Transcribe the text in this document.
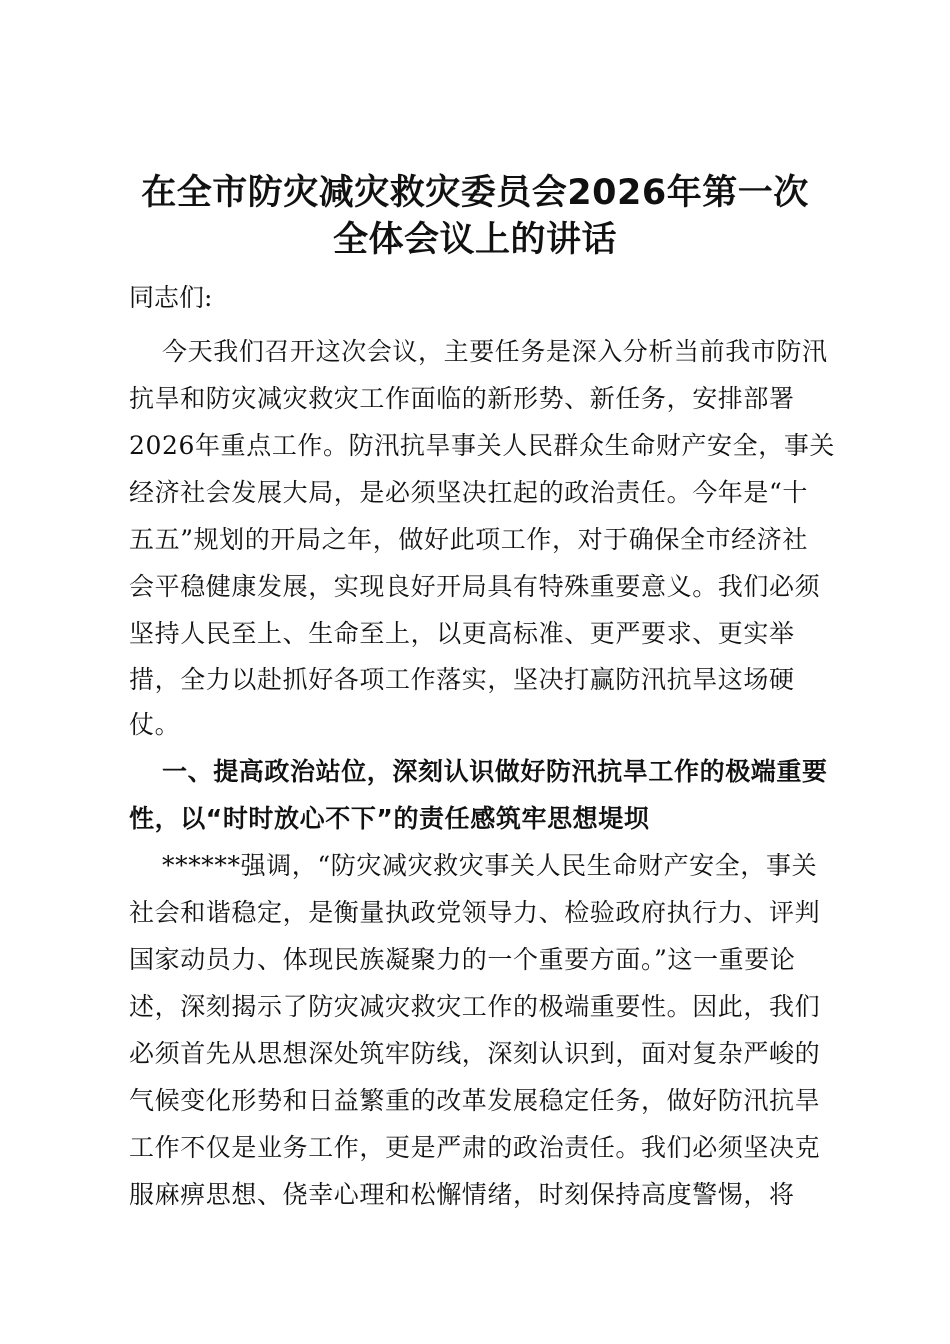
在全市防灾减灾救灾委员会2026年第一次
全体会议上的讲话

同志们:

今天我们召开这次会议，主要任务是深入分析当前我市防汛

抗旱和防灾减灾救灾工作面临的新形势、新任务，安排部署

2026年重点工作。防汛抗旱事关人民群众生命财产安全，事关

经济社会发展大局，是必须坚决扛起的政治责任。今年是“十

五五”规划的开局之年，做好此项工作，对于确保全市经济社

会平稳健康发展，实现良好开局具有特殊重要意义。我们必须

坚持人民至上、生命至上，以更高标准、更严要求、更实举

措，全力以赴抓好各项工作落实，坚决打赢防汛抗旱这场硬

仗。

一、提高政治站位，深刻认识做好防汛抗旱工作的极端重要

性，以“时时放心不下”的责任感筑牢思想堤坝

******强调，“防灾减灾救灾事关人民生命财产安全，事关

社会和谐稳定，是衡量执政党领导力、检验政府执行力、评判

国家动员力、体现民族凝聚力的一个重要方面。”这一重要论

述，深刻揭示了防灾减灾救灾工作的极端重要性。因此，我们

必须首先从思想深处筑牢防线，深刻认识到，面对复杂严峻的

气候变化形势和日益繁重的改革发展稳定任务，做好防汛抗旱

工作不仅是业务工作，更是严肃的政治责任。我们必须坚决克

服麻痹思想、侥幸心理和松懈情绪，时刻保持高度警惕，将
